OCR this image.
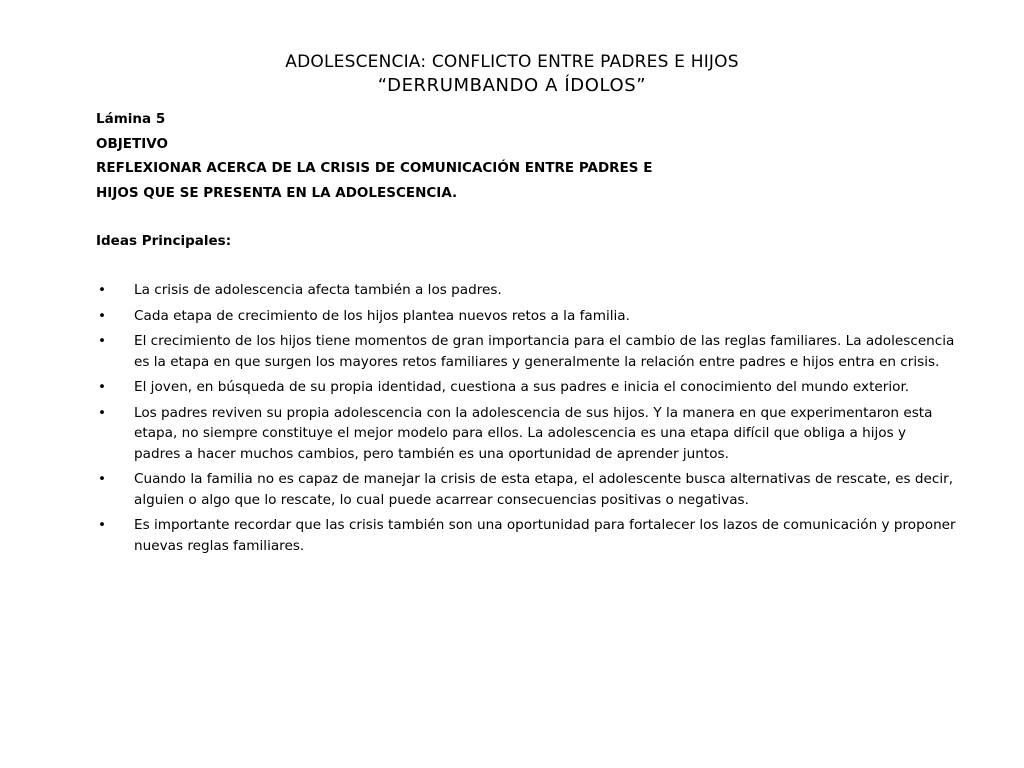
ADOLESCENCIA: CONFLICTO ENTRE PADRES E HIJOS
“DERRUMBANDO A ÍDOLOS”
Lámina 5
OBJETIVO
REFLEXIONAR ACERCA DE LA CRISIS DE COMUNICACIÓN ENTRE PADRES E
HIJOS QUE SE PRESENTA EN LA ADOLESCENCIA.
Ideas Principales:
• La crisis de adolescencia afecta también a los padres.
• Cada etapa de crecimiento de los hijos plantea nuevos retos a la familia.
• El crecimiento de los hijos tiene momentos de gran importancia para el cambio de las reglas familiares. La adolescencia es la etapa en que surgen los mayores retos familiares y generalmente la relación entre padres e hijos entra en crisis.
• El joven, en búsqueda de su propia identidad, cuestiona a sus padres e inicia el conocimiento del mundo exterior.
• Los padres reviven su propia adolescencia con la adolescencia de sus hijos. Y la manera en que experimentaron esta etapa, no siempre constituye el mejor modelo para ellos. La adolescencia es una etapa difícil que obliga a hijos y padres a hacer muchos cambios, pero también es una oportunidad de aprender juntos.
• Cuando la familia no es capaz de manejar la crisis de esta etapa, el adolescente busca alternativas de rescate, es decir, alguien o algo que lo rescate, lo cual puede acarrear consecuencias positivas o negativas.
• Es importante recordar que las crisis también son una oportunidad para fortalecer los lazos de comunicación y proponer nuevas reglas familiares.
